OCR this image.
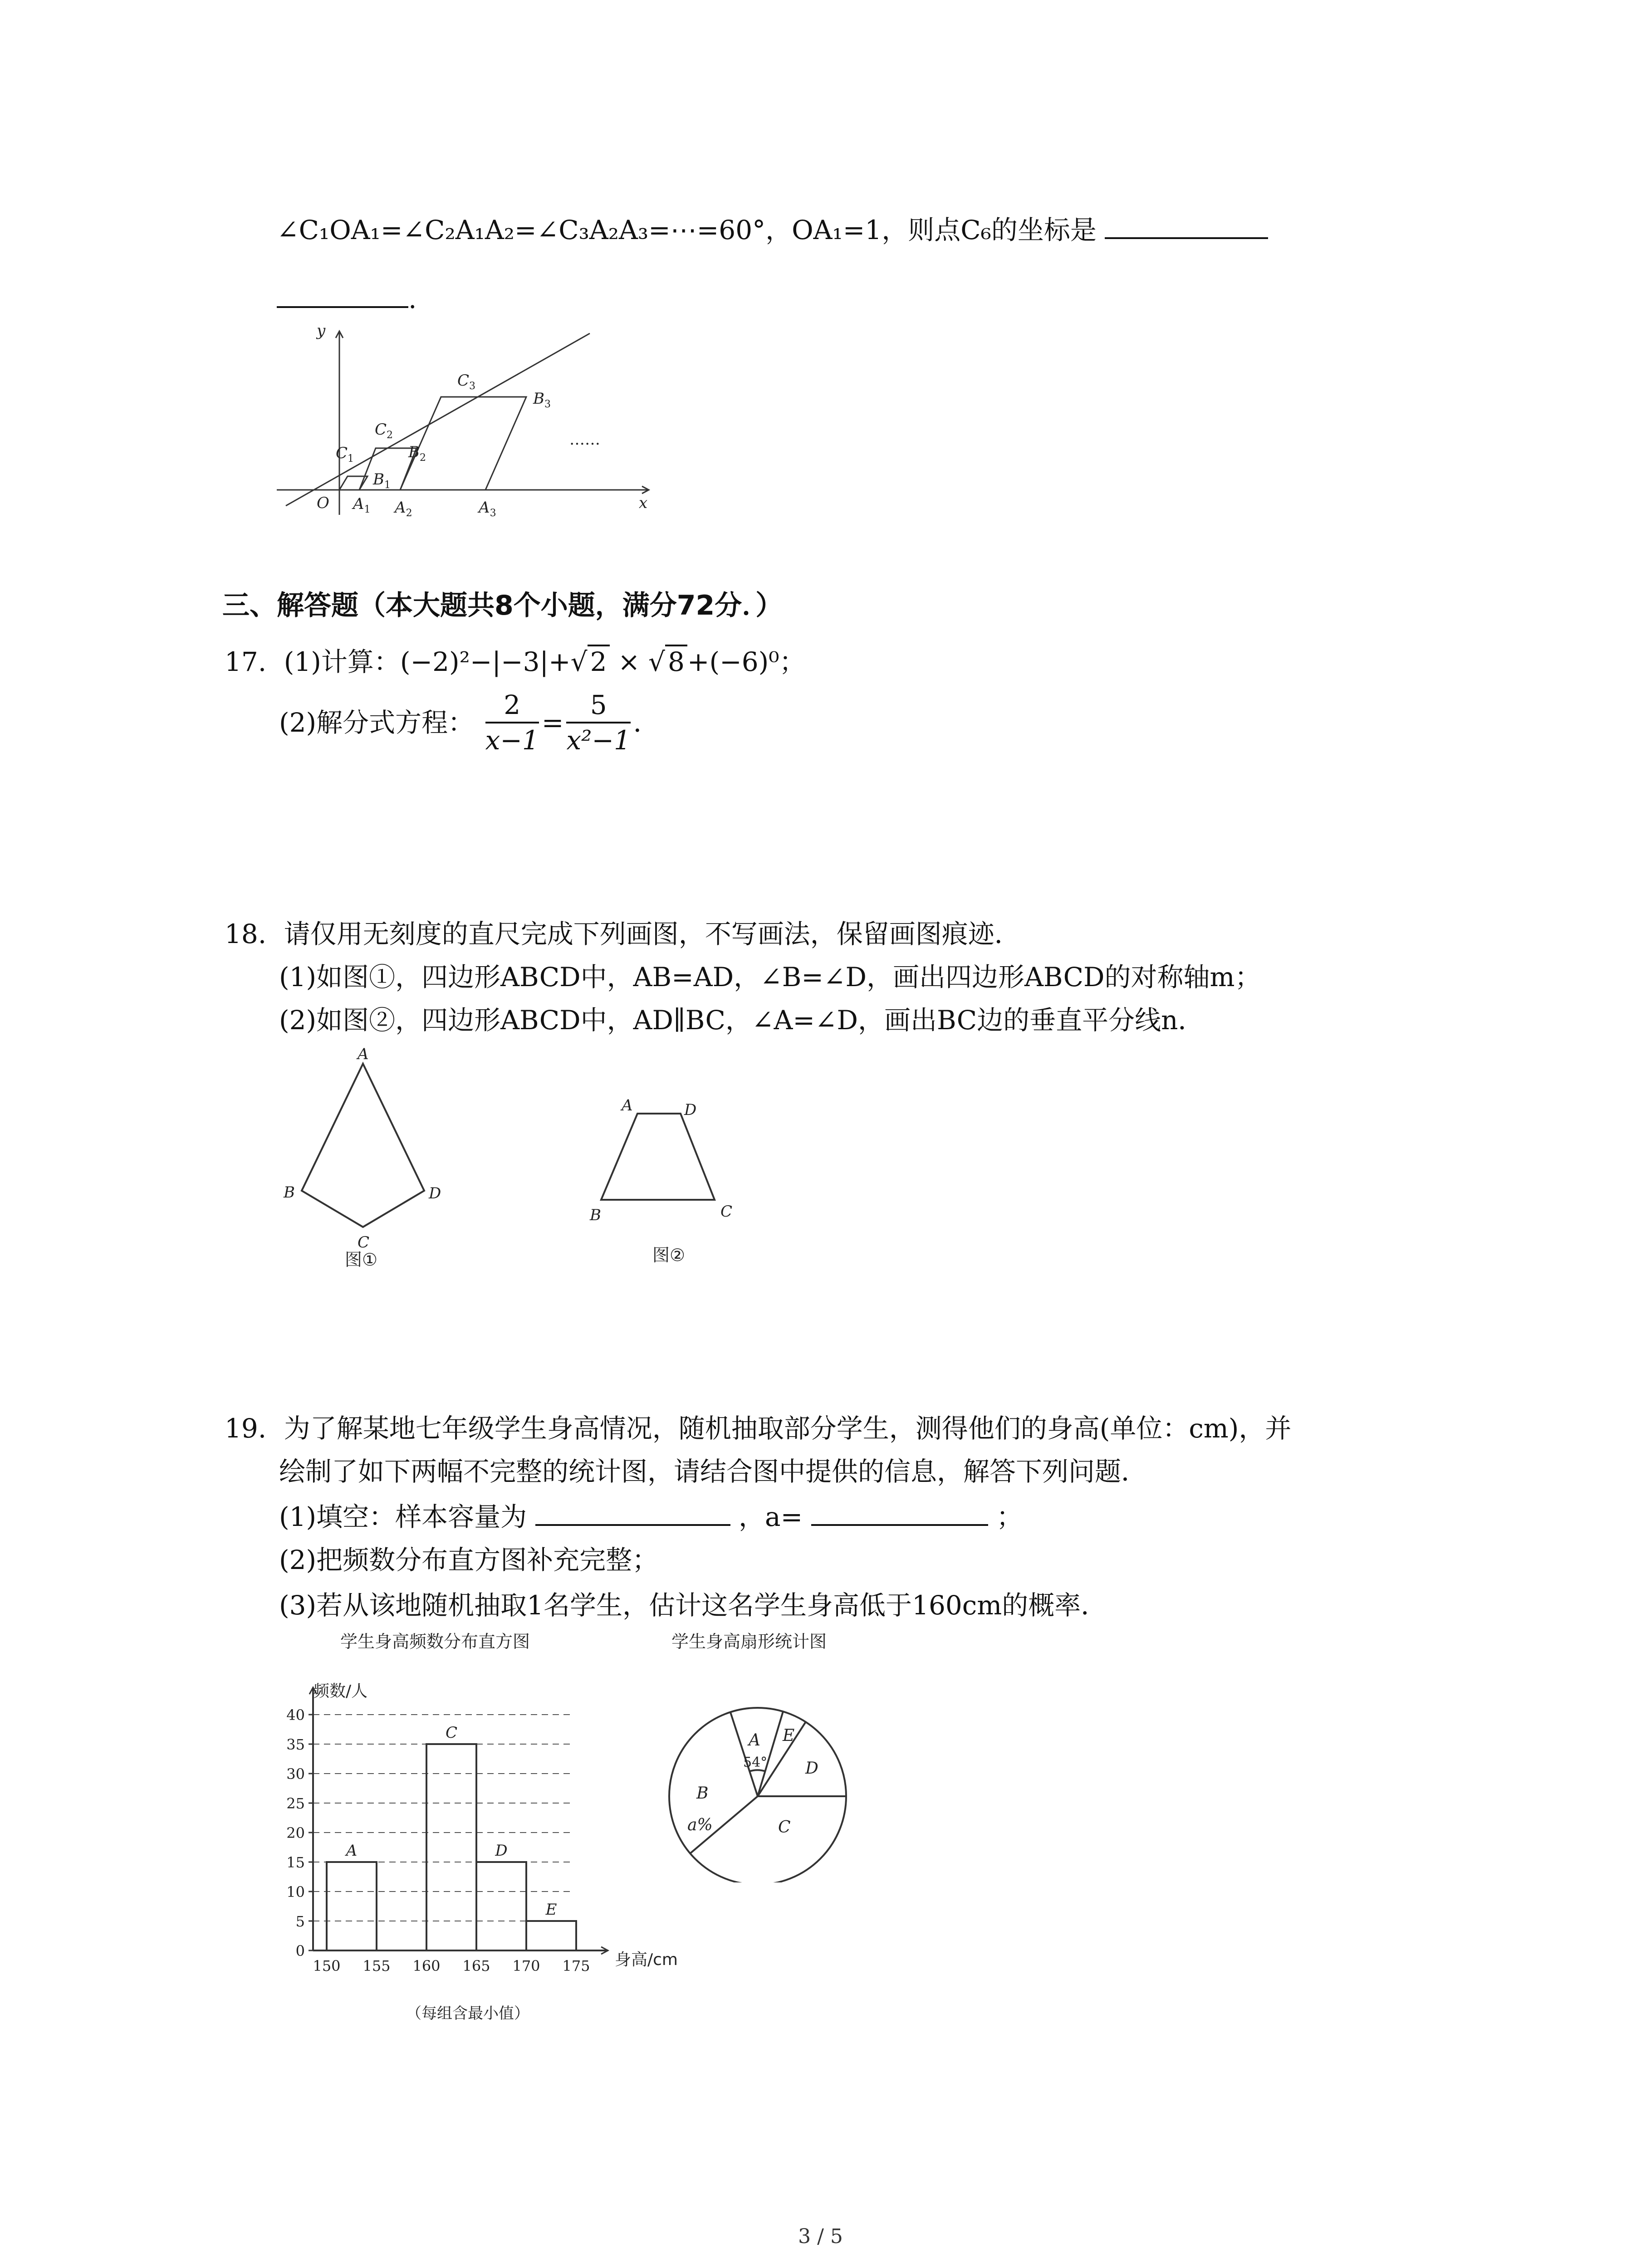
∠C₁OA₁=∠C₂A₁A₂=∠C₃A₂A₃=⋯=60°，OA₁=1，则点C₆的坐标是
.
y
x
O $A_1$ $A_2$	$A_3$
$B_1$
$B_2$
$B_3$
$C_1$
$C_2$
$C_3$
……
三、解答题（本大题共8个小题，满分72分．）
17. (1)计算：(−2)²−|−3|+√ 2 × √ 8 +(−6)⁰；
(2)解分式方程： $\frac{2}{x-1} = \frac{5}{\text{x²−1}}$ ．
18. 请仅用无刻度的直尺完成下列画图，不写画法，保留画图痕迹．
(1)如图①，四边形ABCD中，AB=AD，∠B=∠D，画出四边形ABCD的对称轴m；
(2)如图②，四边形ABCD中，AD∥BC，∠A=∠D，画出BC边的垂直平分线n．
A
B
C
D
图①
A	D
B	C
图②
19. 为了解某地七年级学生身高情况，随机抽取部分学生，测得他们的身高(单位：cm)，并
绘制了如下两幅不完整的统计图，请结合图中提供的信息，解答下列问题．
(1)填空：样本容量为	，a=	；
(2)把频数分布直方图补充完整；
(3)若从该地随机抽取1名学生，估计这名学生身高低于160cm的概率．
学生身高频数分布直方图
频数/人
身高/cm
（每组含最小值）
A
C
D
E
0
5
10
15
20
25
30
35
40
150 155 160 165 170 175
学生身高扇形统计图
A E
D
C
B
a%
54°
3 / 5
